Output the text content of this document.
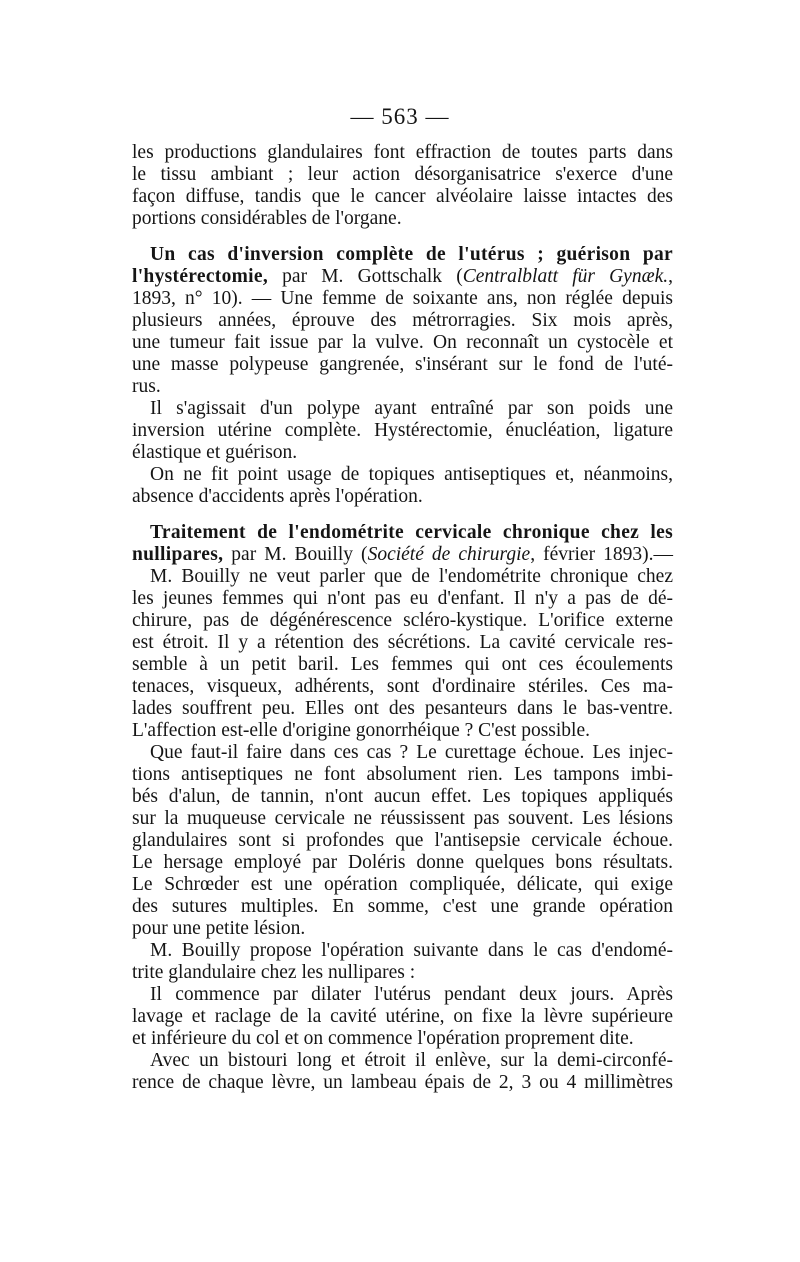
— 563 —
les productions glandulaires font effraction de toutes parts dans
le tissu ambiant ; leur action désorganisatrice s'exerce d'une
façon diffuse, tandis que le cancer alvéolaire laisse intactes des
portions considérables de l'organe.
Un cas d'inversion complète de l'utérus ; guérison par
l'hystérectomie, par M. Gottschalk (Centralblatt für Gynæk.,
1893, n° 10). — Une femme de soixante ans, non réglée depuis
plusieurs années, éprouve des métrorragies. Six mois après,
une tumeur fait issue par la vulve. On reconnaît un cystocèle et
une masse polypeuse gangrenée, s'insérant sur le fond de l'uté-
rus.
Il s'agissait d'un polype ayant entraîné par son poids une
inversion utérine complète. Hystérectomie, énucléation, ligature
élastique et guérison.
On ne fit point usage de topiques antiseptiques et, néanmoins,
absence d'accidents après l'opération.
Traitement de l'endométrite cervicale chronique chez les
nullipares, par M. Bouilly (Société de chirurgie, février 1893).—
M. Bouilly ne veut parler que de l'endométrite chronique chez
les jeunes femmes qui n'ont pas eu d'enfant. Il n'y a pas de dé-
chirure, pas de dégénérescence scléro-kystique. L'orifice externe
est étroit. Il y a rétention des sécrétions. La cavité cervicale res-
semble à un petit baril. Les femmes qui ont ces écoulements
tenaces, visqueux, adhérents, sont d'ordinaire stériles. Ces ma-
lades souffrent peu. Elles ont des pesanteurs dans le bas-ventre.
L'affection est-elle d'origine gonorrhéique ? C'est possible.
Que faut-il faire dans ces cas ? Le curettage échoue. Les injec-
tions antiseptiques ne font absolument rien. Les tampons imbi-
bés d'alun, de tannin, n'ont aucun effet. Les topiques appliqués
sur la muqueuse cervicale ne réussissent pas souvent. Les lésions
glandulaires sont si profondes que l'antisepsie cervicale échoue.
Le hersage employé par Doléris donne quelques bons résultats.
Le Schrœder est une opération compliquée, délicate, qui exige
des sutures multiples. En somme, c'est une grande opération
pour une petite lésion.
M. Bouilly propose l'opération suivante dans le cas d'endomé-
trite glandulaire chez les nullipares :
Il commence par dilater l'utérus pendant deux jours. Après
lavage et raclage de la cavité utérine, on fixe la lèvre supérieure
et inférieure du col et on commence l'opération proprement dite.
Avec un bistouri long et étroit il enlève, sur la demi-circonfé-
rence de chaque lèvre, un lambeau épais de 2, 3 ou 4 millimètres
